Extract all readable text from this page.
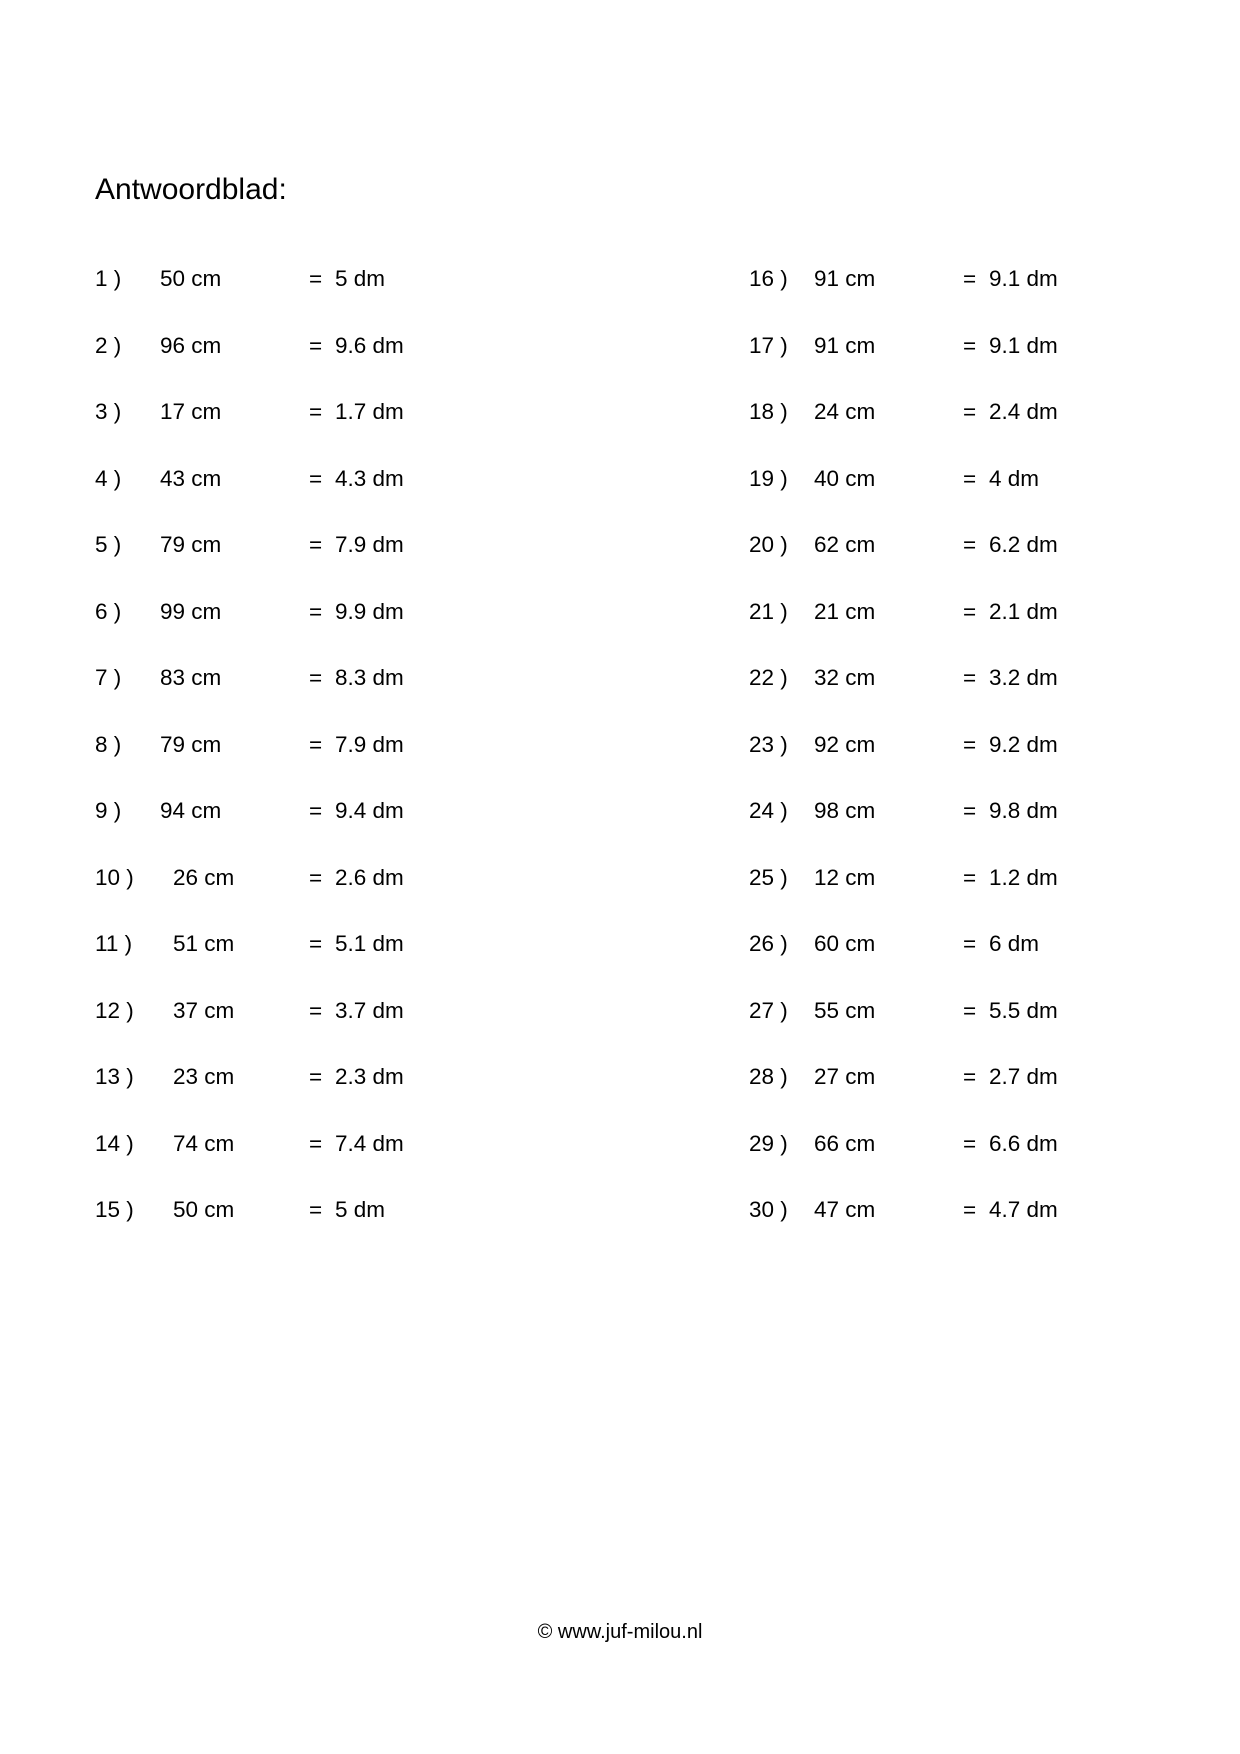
Antwoordblad:
1 ) 50 cm	= 5 dm
2 ) 96 cm	= 9.6 dm
3 ) 17 cm	= 1.7 dm
4 ) 43 cm	= 4.3 dm
5 ) 79 cm	= 7.9 dm
6 ) 99 cm	= 9.9 dm
7 ) 83 cm	= 8.3 dm
8 ) 79 cm	= 7.9 dm
9 ) 94 cm	= 9.4 dm
10 ) 26 cm	= 2.6 dm
11 ) 51 cm	= 5.1 dm
12 ) 37 cm	= 3.7 dm
13 ) 23 cm	= 2.3 dm
14 ) 74 cm	= 7.4 dm
15 ) 50 cm	= 5 dm
16 ) 91 cm	= 9.1 dm
17 ) 91 cm	= 9.1 dm
18 ) 24 cm	= 2.4 dm
19 ) 40 cm	= 4 dm
20 ) 62 cm	= 6.2 dm
21 ) 21 cm	= 2.1 dm
22 ) 32 cm	= 3.2 dm
23 ) 92 cm	= 9.2 dm
24 ) 98 cm	= 9.8 dm
25 ) 12 cm	= 1.2 dm
26 ) 60 cm	= 6 dm
27 ) 55 cm	= 5.5 dm
28 ) 27 cm	= 2.7 dm
29 ) 66 cm	= 6.6 dm
30 ) 47 cm	= 4.7 dm
© www.juf-milou.nl
